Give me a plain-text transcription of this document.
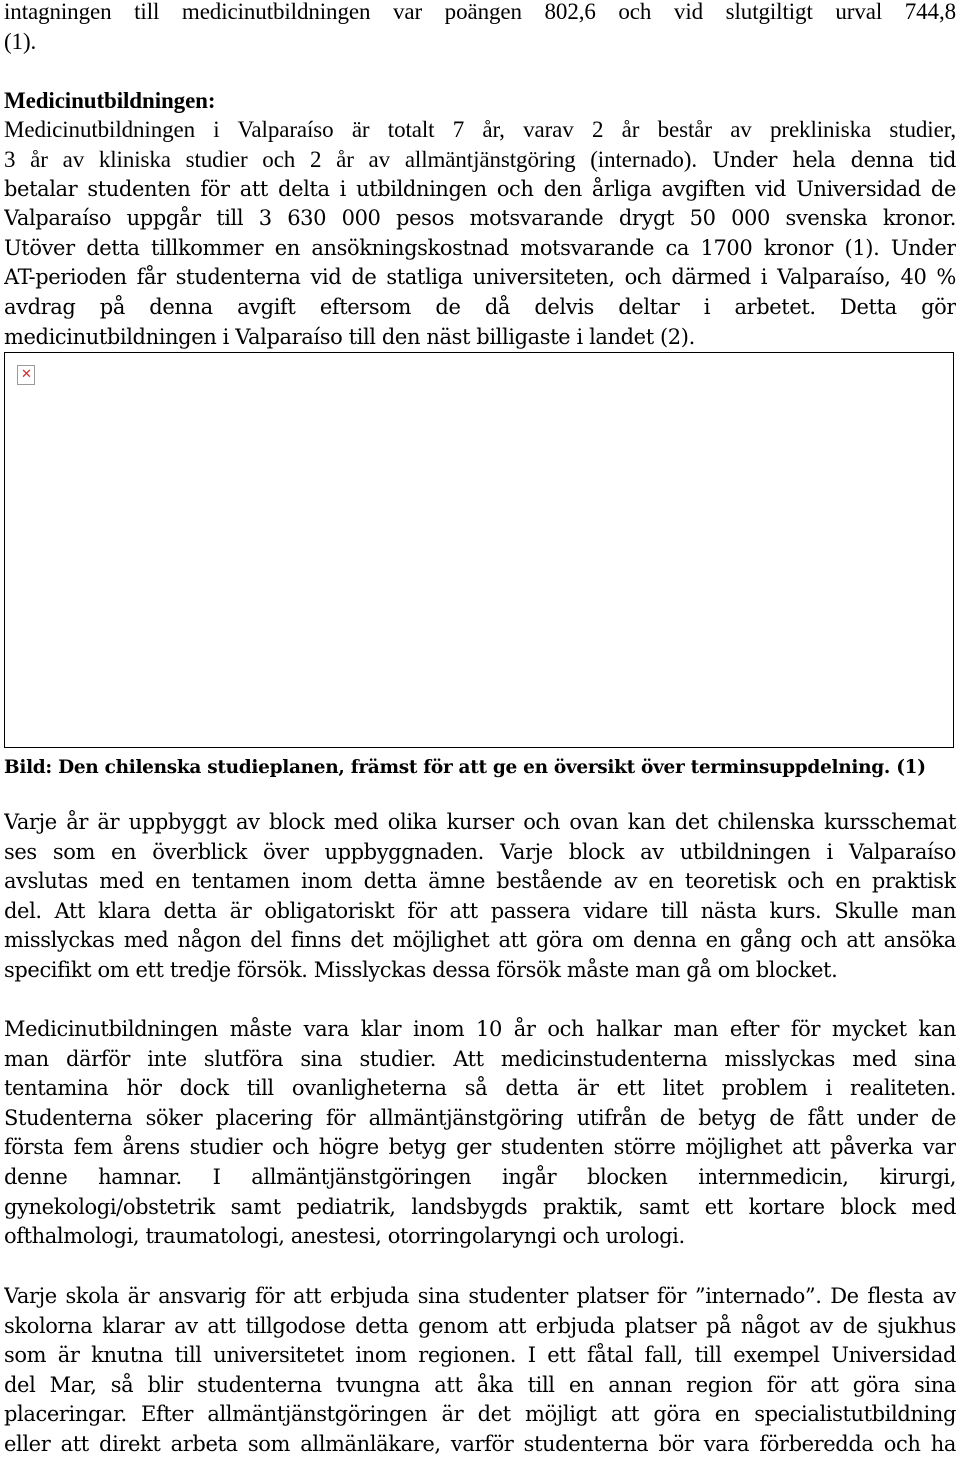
intagningen till medicinutbildningen var poängen 802,6 och vid slutgiltigt urval 744,8
(1).
Medicinutbildningen:
Medicinutbildningen i Valparaíso är totalt 7 år, varav 2 år består av prekliniska studier,
3 år av kliniska studier och 2 år av allmäntjänstgöring (internado). Under hela denna tid
betalar studenten för att delta i utbildningen och den årliga avgiften vid Universidad de
Valparaíso uppgår till 3 630 000 pesos motsvarande drygt 50 000 svenska kronor.
Utöver detta tillkommer en ansökningskostnad motsvarande ca 1700 kronor (1). Under
AT-perioden får studenterna vid de statliga universiteten, och därmed i Valparaíso, 40 %
avdrag på denna avgift eftersom de då delvis deltar i arbetet. Detta gör
medicinutbildningen i Valparaíso till den näst billigaste i landet (2).
✕
Bild: Den chilenska studieplanen, främst för att ge en översikt över terminsuppdelning. (1)
Varje år är uppbyggt av block med olika kurser och ovan kan det chilenska kursschemat
ses som en överblick över uppbyggnaden. Varje block av utbildningen i Valparaíso
avslutas med en tentamen inom detta ämne bestående av en teoretisk och en praktisk
del. Att klara detta är obligatoriskt för att passera vidare till nästa kurs. Skulle man
misslyckas med någon del finns det möjlighet att göra om denna en gång och att ansöka
specifikt om ett tredje försök. Misslyckas dessa försök måste man gå om blocket.
Medicinutbildningen måste vara klar inom 10 år och halkar man efter för mycket kan
man därför inte slutföra sina studier. Att medicinstudenterna misslyckas med sina
tentamina hör dock till ovanligheterna så detta är ett litet problem i realiteten.
Studenterna söker placering för allmäntjänstgöring utifrån de betyg de fått under de
första fem årens studier och högre betyg ger studenten större möjlighet att påverka var
denne hamnar. I allmäntjänstgöringen ingår blocken internmedicin, kirurgi,
gynekologi/obstetrik samt pediatrik, landsbygds praktik, samt ett kortare block med
ofthalmologi, traumatologi, anestesi, otorringolaryngi och urologi.
Varje skola är ansvarig för att erbjuda sina studenter platser för ”internado”. De flesta av
skolorna klarar av att tillgodose detta genom att erbjuda platser på något av de sjukhus
som är knutna till universitetet inom regionen. I ett fåtal fall, till exempel Universidad
del Mar, så blir studenterna tvungna att åka till en annan region för att göra sina
placeringar. Efter allmäntjänstgöringen är det möjligt att göra en specialistutbildning
eller att direkt arbeta som allmänläkare, varför studenterna bör vara förberedda och ha
